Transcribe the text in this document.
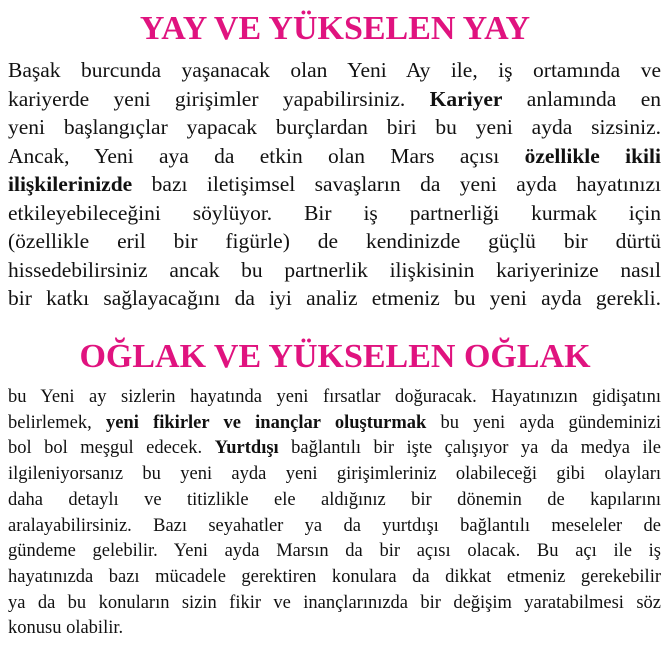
YAY VE YÜKSELEN YAY

Başak burcunda yaşanacak olan Yeni Ay ile, iş ortamında ve
kariyerde yeni girişimler yapabilirsiniz. Kariyer anlamında en
yeni başlangıçlar yapacak burçlardan biri bu yeni ayda sizsiniz.
Ancak, Yeni aya da etkin olan Mars açısı özellikle ikili
ilişkilerinizde bazı iletişimsel savaşların da yeni ayda hayatınızı
etkileyebileceğini söylüyor. Bir iş partnerliği kurmak için
(özellikle eril bir figürle) de kendinizde güçlü bir dürtü
hissedebilirsiniz ancak bu partnerlik ilişkisinin kariyerinize nasıl
bir katkı sağlayacağını da iyi analiz etmeniz bu yeni ayda gerekli.

OĞLAK VE YÜKSELEN OĞLAK

bu Yeni ay sizlerin hayatında yeni fırsatlar doğuracak. Hayatınızın gidişatını
belirlemek, yeni fikirler ve inançlar oluşturmak bu yeni ayda gündeminizi
bol bol meşgul edecek. Yurtdışı bağlantılı bir işte çalışıyor ya da medya ile
ilgileniyorsanız bu yeni ayda yeni girişimleriniz olabileceği gibi olayları
daha detaylı ve titizlikle ele aldığınız bir dönemin de kapılarını
aralayabilirsiniz. Bazı seyahatler ya da yurtdışı bağlantılı meseleler de
gündeme gelebilir. Yeni ayda Marsın da bir açısı olacak. Bu açı ile iş
hayatınızda bazı mücadele gerektiren konulara da dikkat etmeniz gerekebilir
ya da bu konuların sizin fikir ve inançlarınızda bir değişim yaratabilmesi söz
konusu olabilir.
